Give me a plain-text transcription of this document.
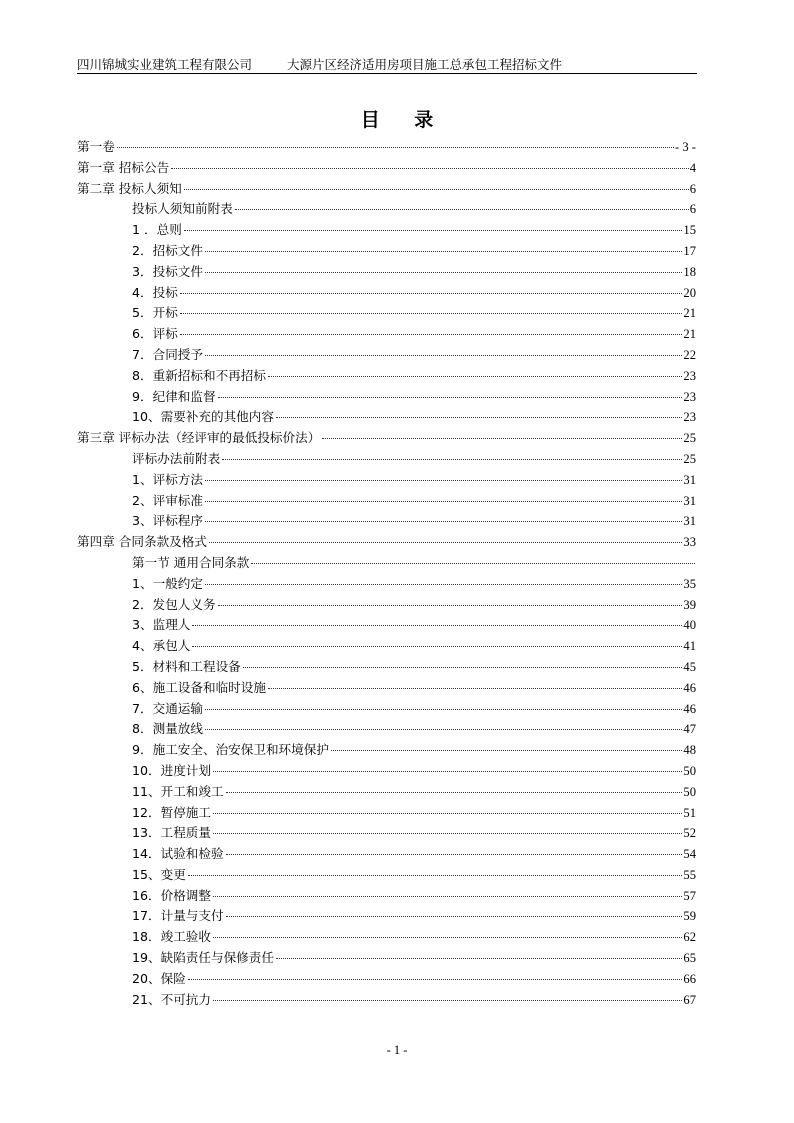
四川锦城实业建筑工程有限公司	大源片区经济适用房项目施工总承包工程招标文件
目 录
第一卷	- 3 -
第一章 招标公告	4
第二章 投标人须知	6
投标人须知前附表	6
1 ．总则	15
2．招标文件	17
3．投标文件	18
4．投标	20
5．开标	21
6．评标	21
7．合同授予	22
8．重新招标和不再招标	23
9．纪律和监督	23
10、需要补充的其他内容	23
第三章 评标办法（经评审的最低投标价法）	25
评标办法前附表	25
1、评标方法	31
2、评审标准	31
3、评标程序	31
第四章 合同条款及格式	33
第一节 通用合同条款
1、一般约定	35
2．发包人义务	39
3、监理人	40
4、承包人	41
5．材料和工程设备	45
6、施工设备和临时设施	46
7．交通运输	46
8．测量放线	47
9．施工安全、治安保卫和环境保护	48
10．进度计划	50
11、开工和竣工	50
12．暂停施工	51
13．工程质量	52
14．试验和检验	54
15、变更	55
16．价格调整	57
17．计量与支付	59
18．竣工验收	62
19、缺陷责任与保修责任	65
20、保险	66
21、不可抗力	67
- 1 -
